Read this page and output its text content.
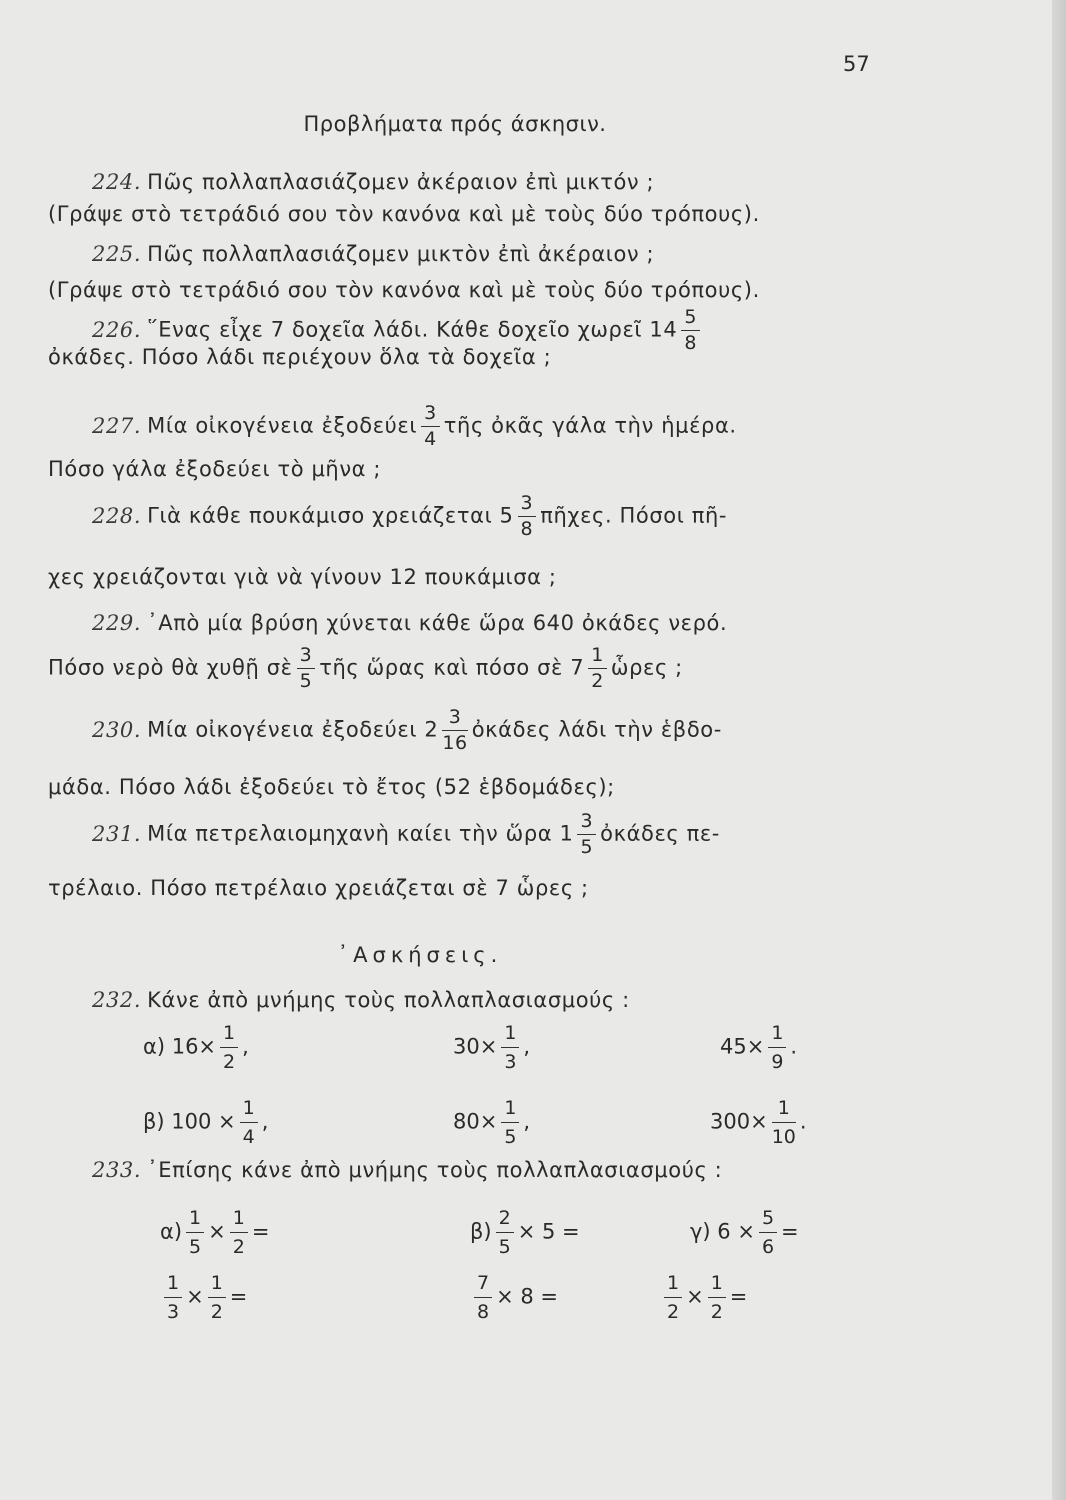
57
Προβλήματα πρός άσκησιν.
224. Πῶς πολλαπλασιάζομεν ἀκέραιον ἐπὶ μικτόν ;
(Γράψε στὸ τετράδιό σου τὸν κανόνα καὶ μὲ τοὺς δύο τρόπους).
225. Πῶς πολλαπλασιάζομεν μικτὸν ἐπὶ ἀκέραιον ;
(Γράψε στὸ τετράδιό σου τὸν κανόνα καὶ μὲ τοὺς δύο τρόπους).
226. ῞Ενας εἶχε 7 δοχεῖα λάδι. Κάθε δοχεῖο χωρεῖ $14 \frac{5}{8}$
ὀκάδες. Πόσο λάδι περιέχουν ὅλα τὰ δοχεῖα ;
227. Μία οἰκογένεια ἐξοδεύει $\frac{3}{4}$ τῆς ὀκᾶς γάλα τὴν ἡμέρα.
Πόσο γάλα ἐξοδεύει τὸ μῆνα ;
228. Γιὰ κάθε πουκάμισο χρειάζεται $5 \frac{3}{8}$ πῆχες. Πόσοι πῆ-
χες χρειάζονται γιὰ νὰ γίνουν 12 πουκάμισα ;
229. ᾿Απὸ μία βρύση χύνεται κάθε ὥρα 640 ὀκάδες νερό.
Πόσο νερὸ θὰ χυθῇ σὲ $\frac{3}{5}$ τῆς ὥρας καὶ πόσο σὲ $7 \frac{1}{2}$ ὧρες ;
230. Μία οἰκογένεια ἐξοδεύει $2 \frac{3}{16}$ ὀκάδες λάδι τὴν ἑβδο-
μάδα. Πόσο λάδι ἐξοδεύει τὸ ἔτος (52 ἑβδομάδες);
231. Μία πετρελαιομηχανὴ καίει τὴν ὥρα $1 \frac{3}{5}$ ὀκάδες πε-
τρέλαιο. Πόσο πετρέλαιο χρειάζεται σὲ 7 ὧρες ;
᾿Ασκήσεις.
232. Κάνε ἀπὸ μνήμης τοὺς πολλαπλασιασμούς :
233. ᾿Επίσης κάνε ἀπὸ μνήμης τοὺς πολλαπλασιασμούς :
α) $16\times \frac{1}{2}$ ,	$30\times \frac{1}{3}$ ,	$45\times \frac{1}{9}$ .
β) $100 \times \frac{1}{4}$ ,	$80\times \frac{1}{5}$ ,	$300\times \frac{1}{10}$ .
$\alpha) \frac{1}{5} \times \frac{1}{2}$ =	$\beta) \frac{2}{5} \times 5$ =	γ) $6 \times \frac{5}{6}$ =
$\frac{1}{3} \times \frac{1}{2}$ =	$\frac{7}{8} \times 8$ =	$\frac{1}{2} \times \frac{1}{2}$ =
